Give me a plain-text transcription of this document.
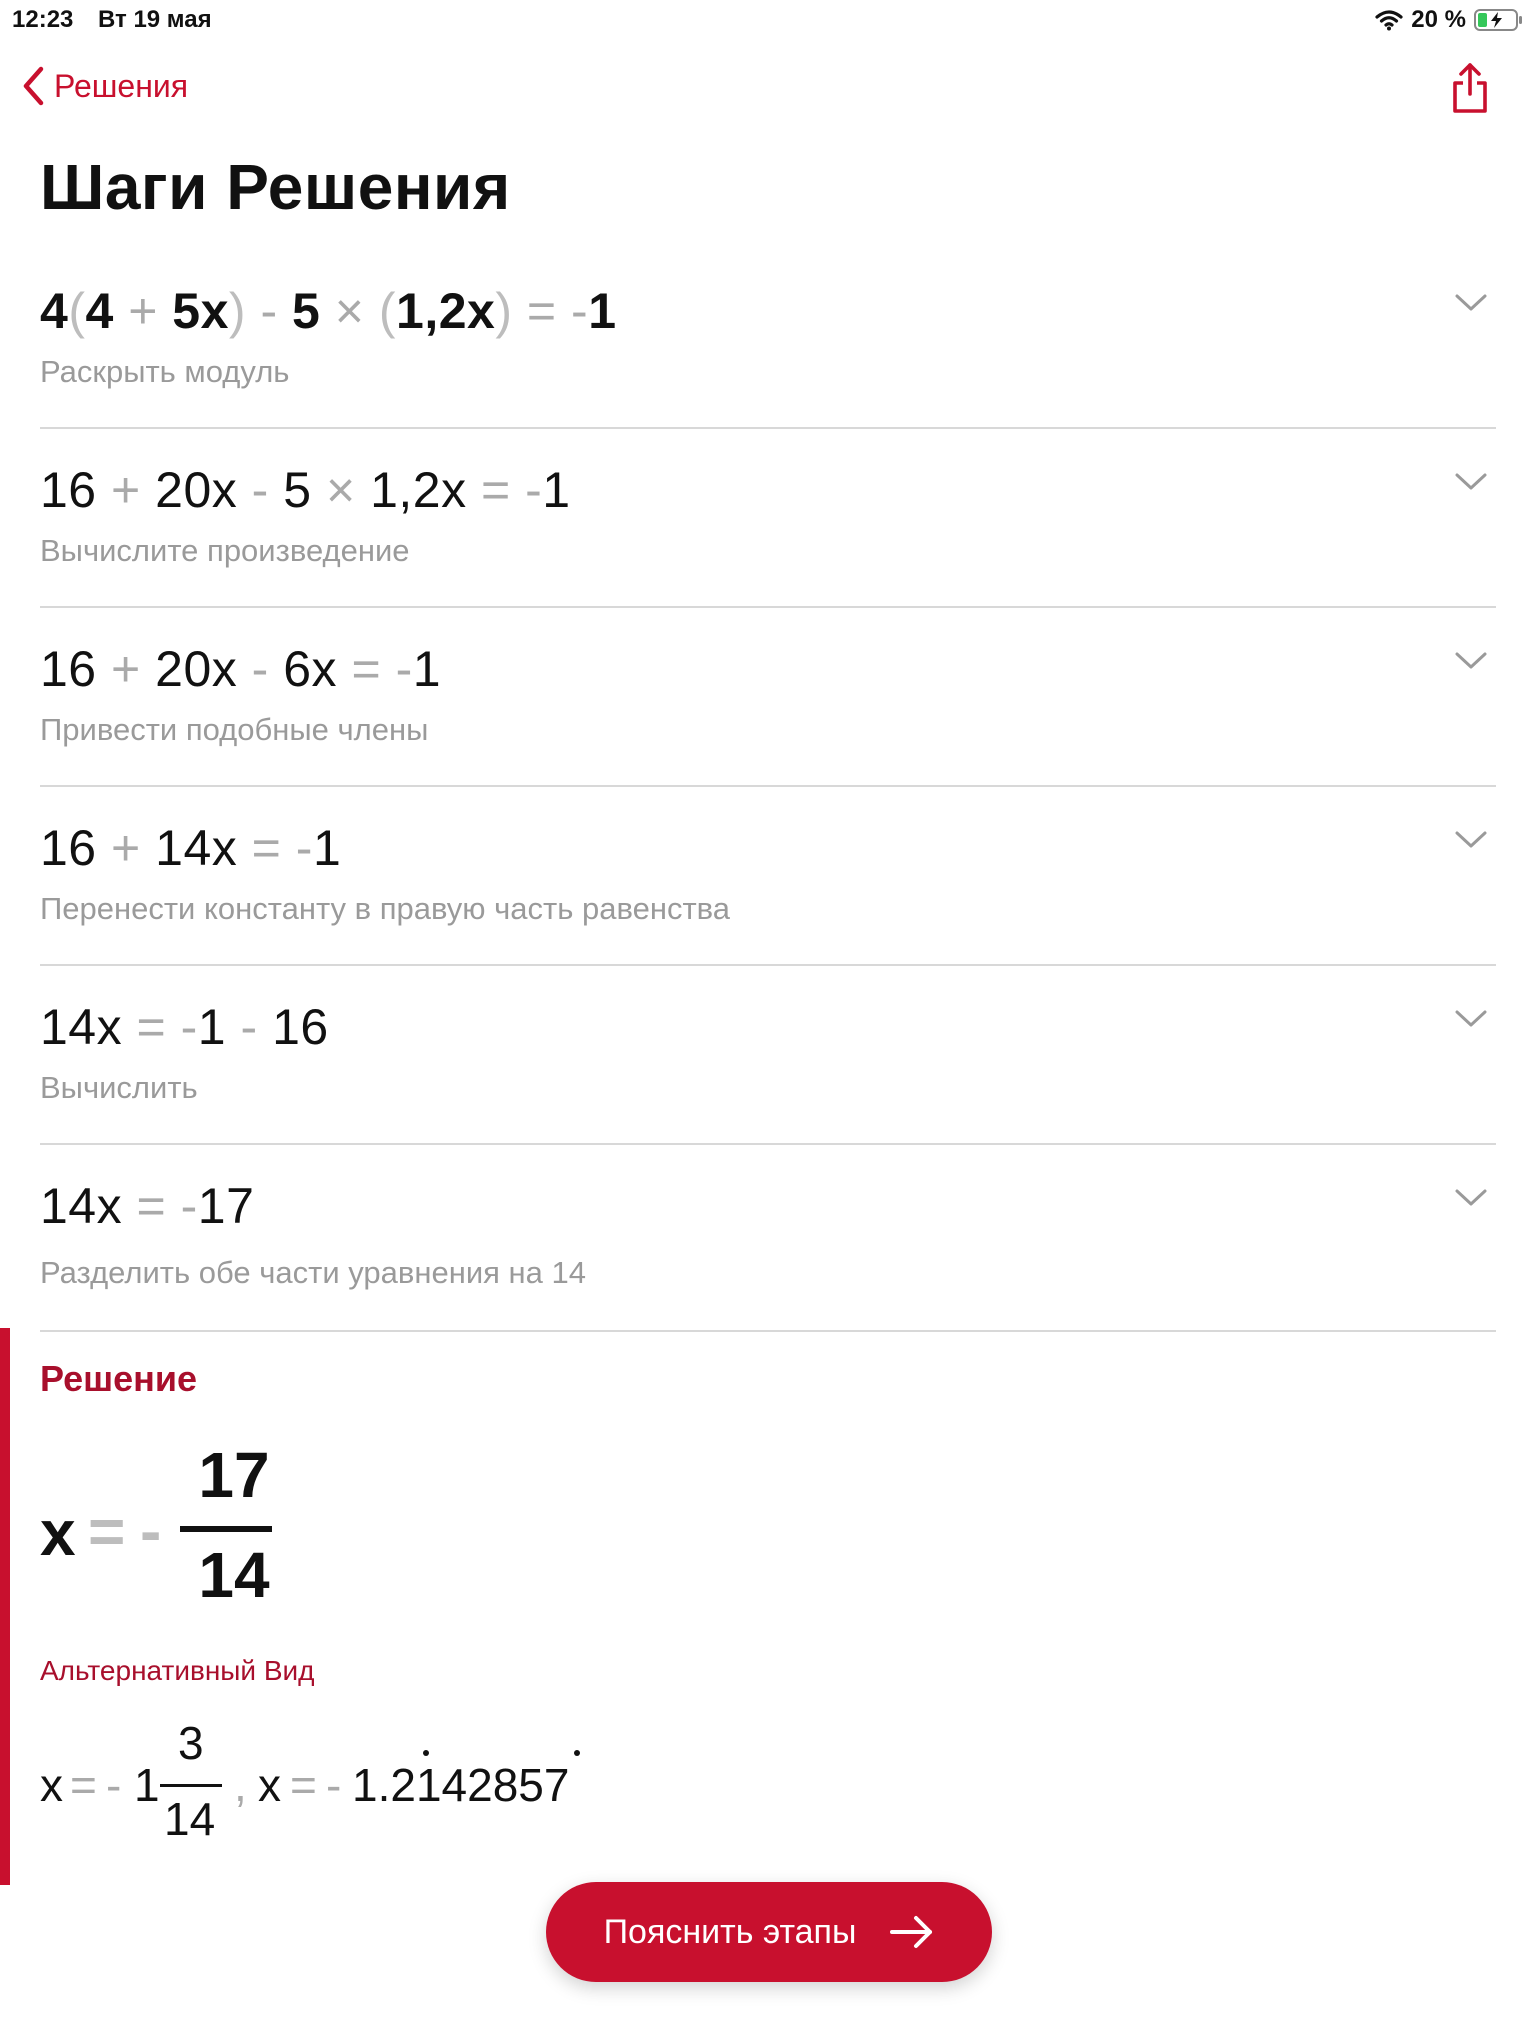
12:23 Вт 19 мая	20 %
Решения
Шаги Решения
4(4 + 5x) - 5 × (1,2x) = -1
Раскрыть модуль
16 + 20x - 5 × 1,2x = -1
Вычислите произведение
16 + 20x - 6x = -1
Привести подобные члены
16 + 14x = -1
Перенести константу в правую часть равенства
14x = -1 - 16
Вычислить
14x = -17
Разделить обе части уравнения на 14
Решение
x = -
17
14
Альтернативный Вид
x = - 1
3
14
, x = - 1.2142857
Пояснить этапы
